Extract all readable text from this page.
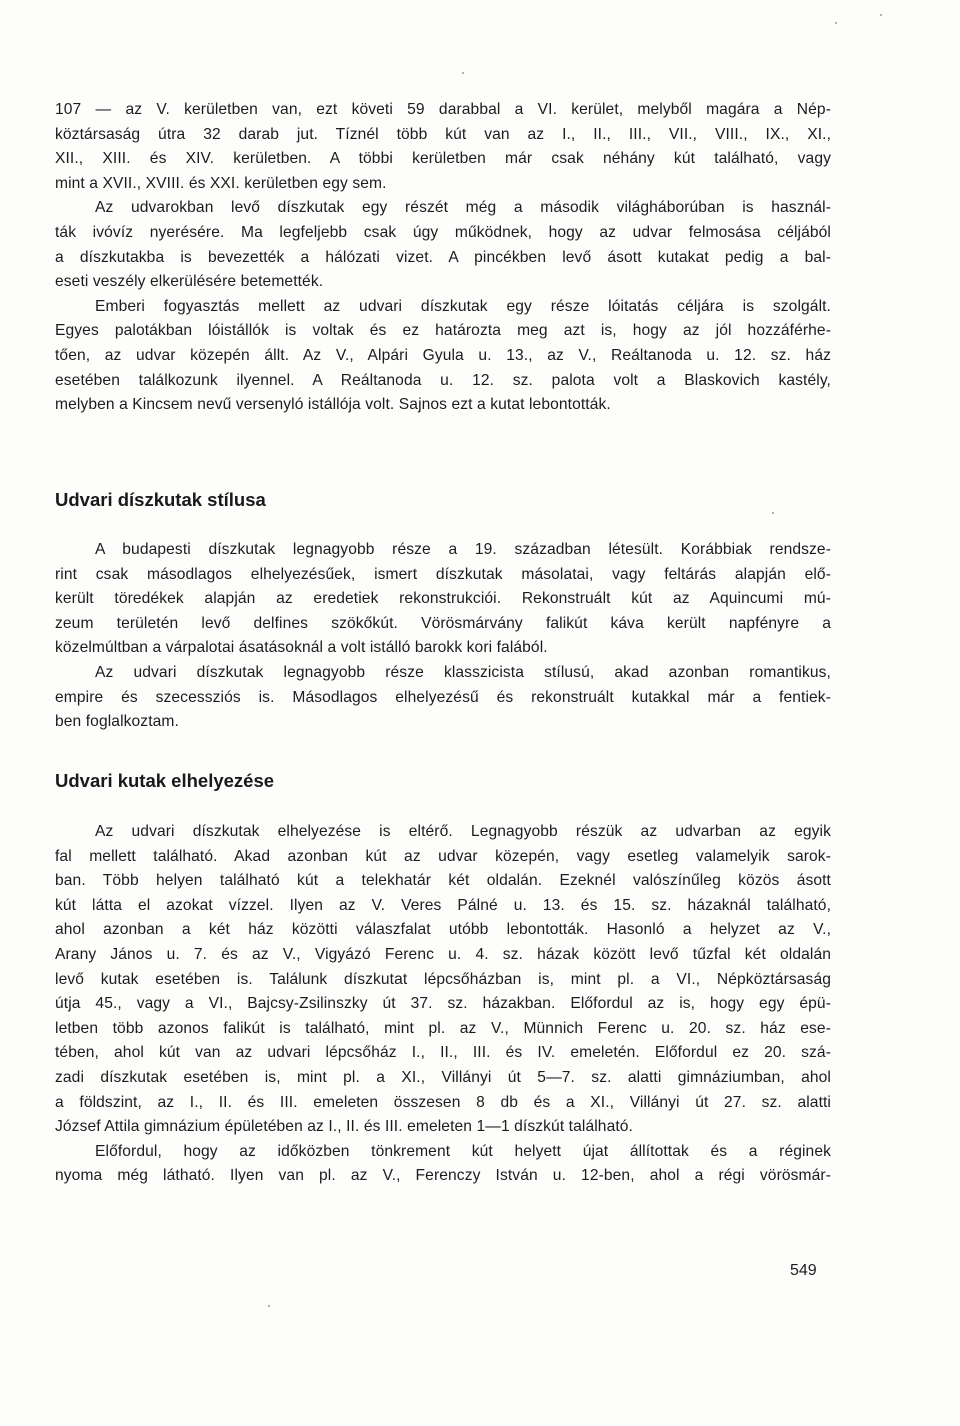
107 — az V. kerületben van, ezt követi 59 darabbal a VI. kerület, melyből magára a Nép-
köztársaság útra 32 darab jut. Tíznél több kút van az I., II., III., VII., VIII., IX., XI.,
XII., XIII. és XIV. kerületben. A többi kerületben már csak néhány kút található, vagy
mint a XVII., XVIII. és XXI. kerületben egy sem.
Az udvarokban levő díszkutak egy részét még a második világháborúban is használ-
ták ivóvíz nyerésére. Ma legfeljebb csak úgy működnek, hogy az udvar felmosása céljából
a díszkutakba is bevezették a hálózati vizet. A pincékben levő ásott kutakat pedig a bal-
eseti veszély elkerülésére betemették.
Emberi fogyasztás mellett az udvari díszkutak egy része lóitatás céljára is szolgált.
Egyes palotákban lóistállók is voltak és ez határozta meg azt is, hogy az jól hozzáférhe-
tően, az udvar közepén állt. Az V., Alpári Gyula u. 13., az V., Reáltanoda u. 12. sz. ház
esetében találkozunk ilyennel. A Reáltanoda u. 12. sz. palota volt a Blaskovich kastély,
melyben a Kincsem nevű versenyló istállója volt. Sajnos ezt a kutat lebontották.
Udvari díszkutak stílusa
A budapesti díszkutak legnagyobb része a 19. században létesült. Korábbiak rendsze-
rint csak másodlagos elhelyezésűek, ismert díszkutak másolatai, vagy feltárás alapján elő-
került töredékek alapján az eredetiek rekonstrukciói. Rekonstruált kút az Aquincumi mú-
zeum területén levő delfines szökőkút. Vörösmárvány falikút káva került napfényre a
közelmúltban a várpalotai ásatásoknál a volt istálló barokk kori falából.
Az udvari díszkutak legnagyobb része klasszicista stílusú, akad azonban romantikus,
empire és szecessziós is. Másodlagos elhelyezésű és rekonstruált kutakkal már a fentiek-
ben foglalkoztam.
Udvari kutak elhelyezése
Az udvari díszkutak elhelyezése is eltérő. Legnagyobb részük az udvarban az egyik
fal mellett található. Akad azonban kút az udvar közepén, vagy esetleg valamelyik sarok-
ban. Több helyen található kút a telekhatár két oldalán. Ezeknél valószínűleg közös ásott
kút látta el azokat vízzel. Ilyen az V. Veres Pálné u. 13. és 15. sz. házaknál található,
ahol azonban a két ház közötti válaszfalat utóbb lebontották. Hasonló a helyzet az V.,
Arany János u. 7. és az V., Vigyázó Ferenc u. 4. sz. házak között levő tűzfal két oldalán
levő kutak esetében is. Találunk díszkutat lépcsőházban is, mint pl. a VI., Népköztársaság
útja 45., vagy a VI., Bajcsy-Zsilinszky út 37. sz. házakban. Előfordul az is, hogy egy épü-
letben több azonos falikút is található, mint pl. az V., Münnich Ferenc u. 20. sz. ház ese-
tében, ahol kút van az udvari lépcsőház I., II., III. és IV. emeletén. Előfordul ez 20. szá-
zadi díszkutak esetében is, mint pl. a XI., Villányi út 5—7. sz. alatti gimnáziumban, ahol
a földszint, az I., II. és III. emeleten összesen 8 db és a XI., Villányi út 27. sz. alatti
József Attila gimnázium épületében az I., II. és III. emeleten 1—1 díszkút található.
Előfordul, hogy az időközben tönkrement kút helyett újat állítottak és a réginek
nyoma még látható. Ilyen van pl. az V., Ferenczy István u. 12-ben, ahol a régi vörösmár-
549
